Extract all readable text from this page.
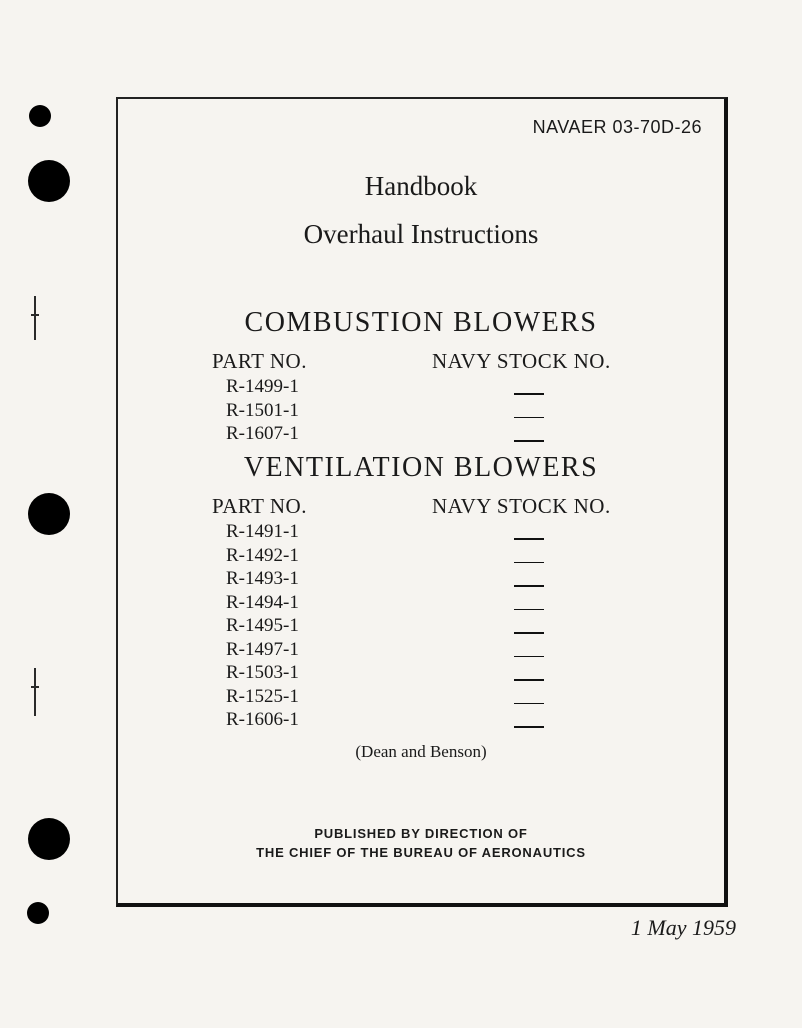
NAVAER 03-70D-26
Handbook
Overhaul Instructions
COMBUSTION BLOWERS
PART NO.	NAVY STOCK NO.
R-1499-1
R-1501-1
R-1607-1
VENTILATION BLOWERS
PART NO.	NAVY STOCK NO.
R-1491-1
R-1492-1
R-1493-1
R-1494-1
R-1495-1
R-1497-1
R-1503-1
R-1525-1
R-1606-1
(Dean and Benson)
PUBLISHED BY DIRECTION OF
THE CHIEF OF THE BUREAU OF AERONAUTICS
1 May 1959
